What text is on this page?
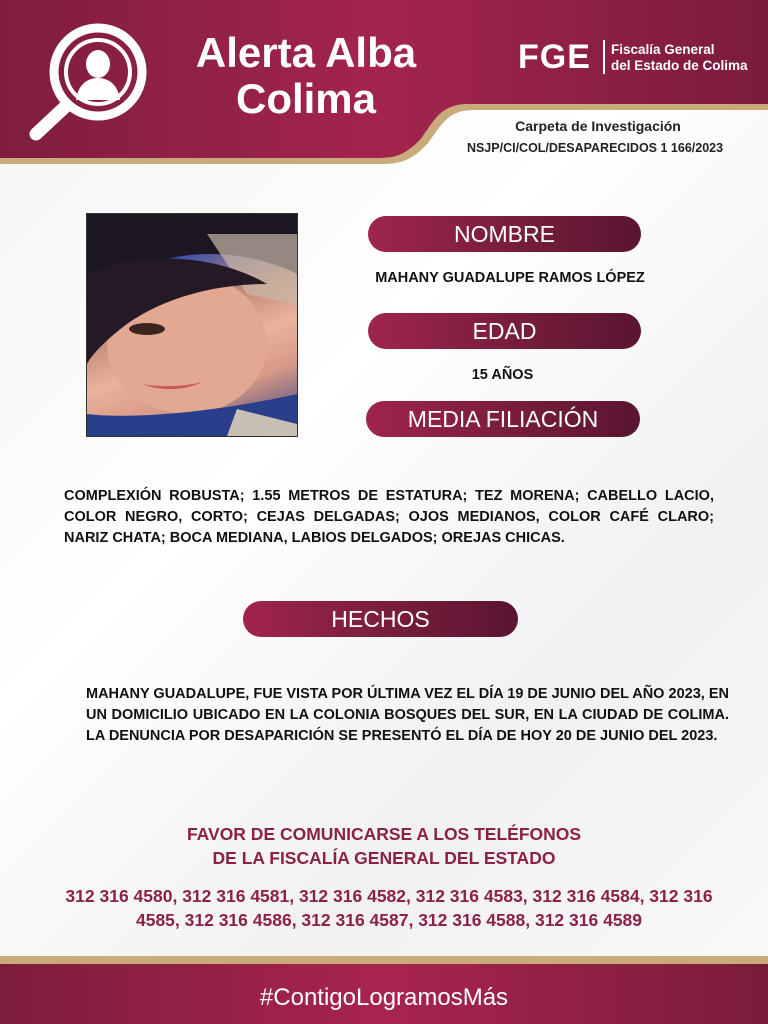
Alerta Alba
Colima
FGE Fiscalía General
del Estado de Colima
Carpeta de Investigación
NSJP/CI/COL/DESAPARECIDOS 1 166/2023
NOMBRE
MAHANY GUADALUPE RAMOS LÓPEZ
EDAD
15 AÑOS
MEDIA FILIACIÓN
COMPLEXIÓN ROBUSTA; 1.55 METROS DE ESTATURA; TEZ MORENA; CABELLO LACIO, COLOR NEGRO, CORTO; CEJAS DELGADAS; OJOS MEDIANOS, COLOR CAFÉ CLARO; NARIZ CHATA; BOCA MEDIANA, LABIOS DELGADOS; OREJAS CHICAS.
HECHOS
MAHANY GUADALUPE, FUE VISTA POR ÚLTIMA VEZ EL DÍA 19 DE JUNIO DEL AÑO 2023, EN UN DOMICILIO UBICADO EN LA COLONIA BOSQUES DEL SUR, EN LA CIUDAD DE COLIMA. LA DENUNCIA POR DESAPARICIÓN SE PRESENTÓ EL DÍA DE HOY 20 DE JUNIO DEL 2023.
FAVOR DE COMUNICARSE A LOS TELÉFONOS
DE LA FISCALÍA GENERAL DEL ESTADO
312 316 4580, 312 316 4581, 312 316 4582, 312 316 4583, 312 316 4584, 312 316 4585, 312 316 4586, 312 316 4587, 312 316 4588, 312 316 4589
#ContigoLogramosMás
